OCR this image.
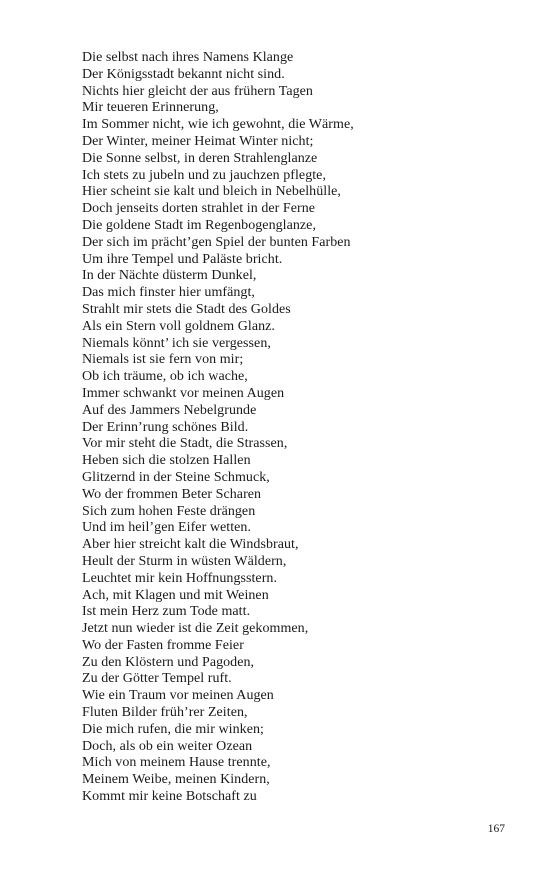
Die selbst nach ihres Namens Klange
Der Königsstadt bekannt nicht sind.
Nichts hier gleicht der aus frühern Tagen
Mir teueren Erinnerung,
Im Sommer nicht, wie ich gewohnt, die Wärme,
Der Winter, meiner Heimat Winter nicht;
Die Sonne selbst, in deren Strahlenglanze
Ich stets zu jubeln und zu jauchzen pflegte,
Hier scheint sie kalt und bleich in Nebelhülle,
Doch jenseits dorten strahlet in der Ferne
Die goldene Stadt im Regenbogenglanze,
Der sich im prächt’gen Spiel der bunten Farben
Um ihre Tempel und Paläste bricht.
In der Nächte düsterm Dunkel,
Das mich finster hier umfängt,
Strahlt mir stets die Stadt des Goldes
Als ein Stern voll goldnem Glanz.
Niemals könnt’ ich sie vergessen,
Niemals ist sie fern von mir;
Ob ich träume, ob ich wache,
Immer schwankt vor meinen Augen
Auf des Jammers Nebelgrunde
Der Erinn’rung schönes Bild.
Vor mir steht die Stadt, die Strassen,
Heben sich die stolzen Hallen
Glitzernd in der Steine Schmuck,
Wo der frommen Beter Scharen
Sich zum hohen Feste drängen
Und im heil’gen Eifer wetten.
Aber hier streicht kalt die Windsbraut,
Heult der Sturm in wüsten Wäldern,
Leuchtet mir kein Hoffnungsstern.
Ach, mit Klagen und mit Weinen
Ist mein Herz zum Tode matt.
Jetzt nun wieder ist die Zeit gekommen,
Wo der Fasten fromme Feier
Zu den Klöstern und Pagoden,
Zu der Götter Tempel ruft.
Wie ein Traum vor meinen Augen
Fluten Bilder früh’rer Zeiten,
Die mich rufen, die mir winken;
Doch, als ob ein weiter Ozean
Mich von meinem Hause trennte,
Meinem Weibe, meinen Kindern,
Kommt mir keine Botschaft zu
167
